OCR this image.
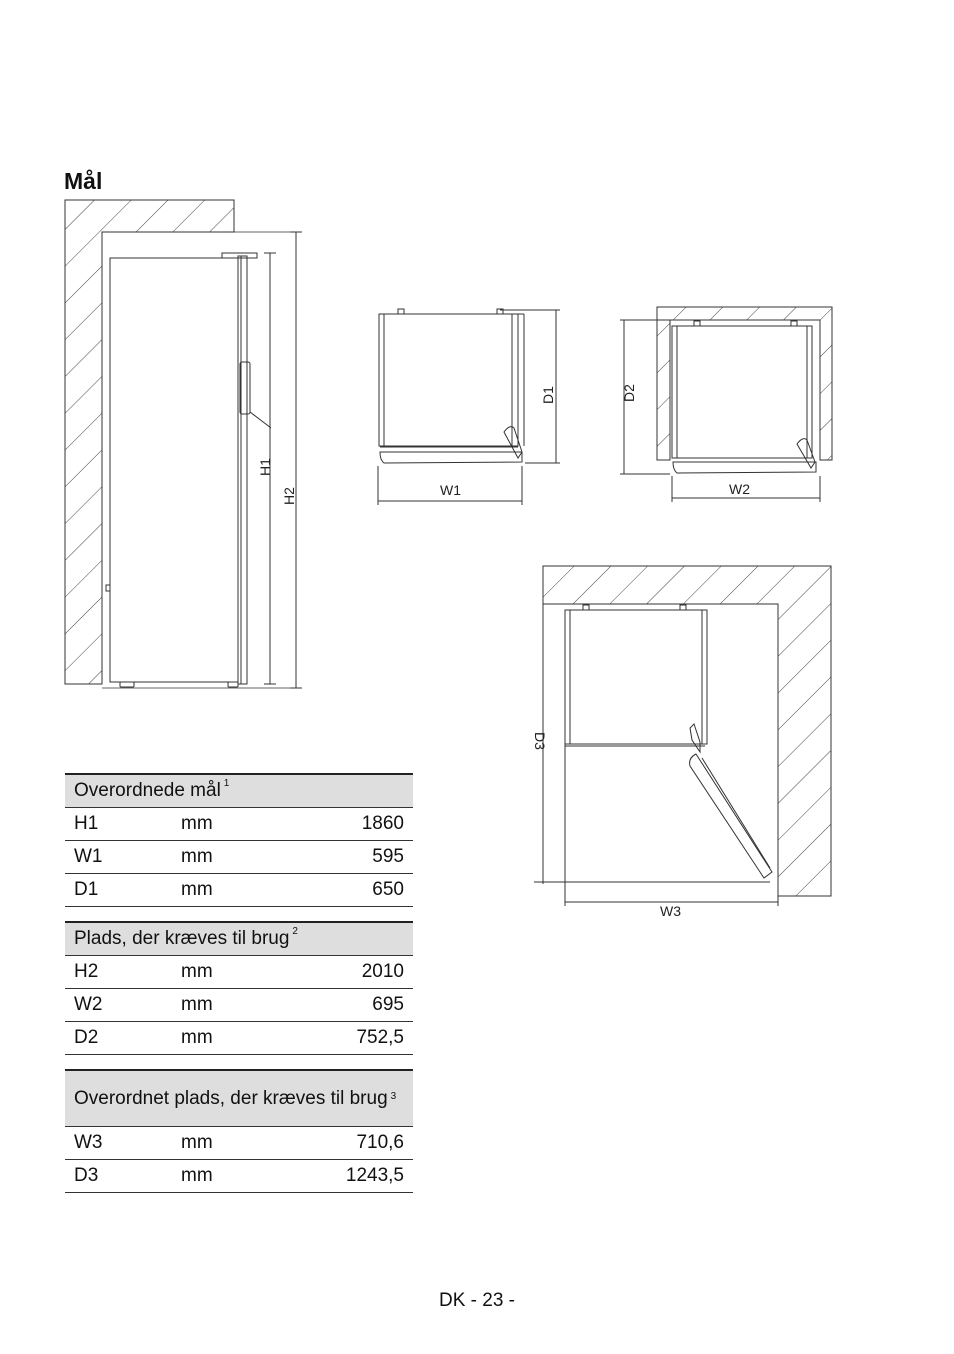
Mål
H1
H2
D1
W1
D2
W2
D3
W3
Overordnede mål $^1$
H1	mm	1860
W1	mm	595
D1	mm	650
Plads, der kræves til brug $^2$
H2	mm	2010
W2	mm	695
D2	mm	752,5
Overordnet plads, der kræves til brug $^3$
W3	mm	710,6
D3	mm	1243,5
DK - 23 -
